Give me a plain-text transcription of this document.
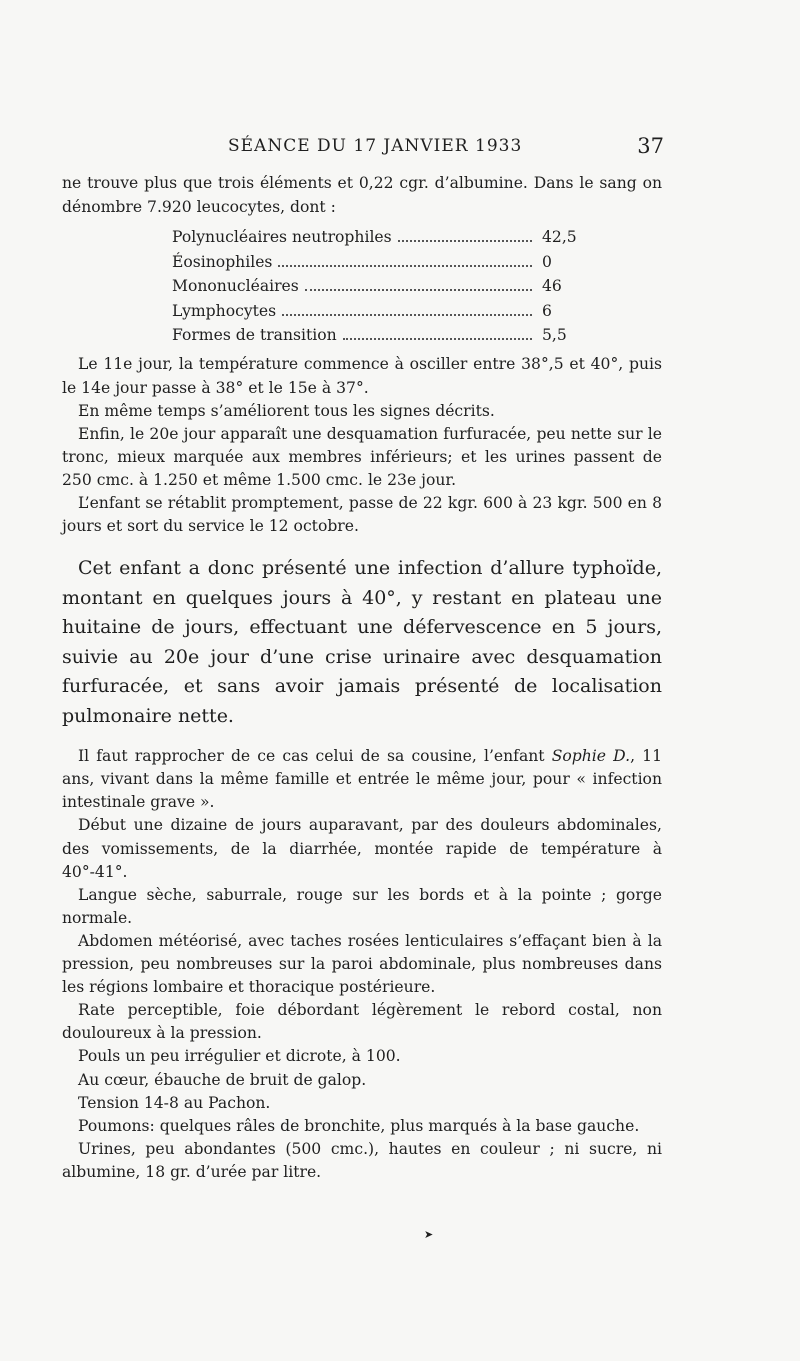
SÉANCE DU 17 JANVIER 1933	37

ne trouve plus que trois éléments et 0,22 cgr. d’albumine. Dans le sang on dénombre 7.920 leucocytes, dont :

Polynucléaires neutrophiles	42,5
Éosinophiles	0
Mononucléaires	46
Lymphocytes	6
Formes de transition	5,5

Le 11e jour, la température commence à osciller entre 38°,5 et 40°, puis le 14e jour passe à 38° et le 15e à 37°.

En même temps s’améliorent tous les signes décrits.

Enfin, le 20e jour apparaît une desquamation furfuracée, peu nette sur le tronc, mieux marquée aux membres inférieurs; et les urines passent de 250 cmc. à 1.250 et même 1.500 cmc. le 23e jour.

L’enfant se rétablit promptement, passe de 22 kgr. 600 à 23 kgr. 500 en 8 jours et sort du service le 12 octobre.

Cet enfant a donc présenté une infection d’allure typhoïde, montant en quelques jours à 40°, y restant en plateau une huitaine de jours, effectuant une défervescence en 5 jours, suivie au 20e jour d’une crise urinaire avec desquamation furfuracée, et sans avoir jamais présenté de localisation pulmonaire nette.

Il faut rapprocher de ce cas celui de sa cousine, l’enfant Sophie D., 11 ans, vivant dans la même famille et entrée le même jour, pour « infection intestinale grave ».

Début une dizaine de jours auparavant, par des douleurs abdominales, des vomissements, de la diarrhée, montée rapide de température à 40°-41°.

Langue sèche, saburrale, rouge sur les bords et à la pointe ; gorge normale.

Abdomen météorisé, avec taches rosées lenticulaires s’effaçant bien à la pression, peu nombreuses sur la paroi abdominale, plus nombreuses dans les régions lombaire et thoracique postérieure.

Rate perceptible, foie débordant légèrement le rebord costal, non douloureux à la pression.

Pouls un peu irrégulier et dicrote, à 100.

Au cœur, ébauche de bruit de galop.

Tension 14-8 au Pachon.

Poumons: quelques râles de bronchite, plus marqués à la base gauche.

Urines, peu abondantes (500 cmc.), hautes en couleur ; ni sucre, ni albumine, 18 gr. d’urée par litre.

➤
